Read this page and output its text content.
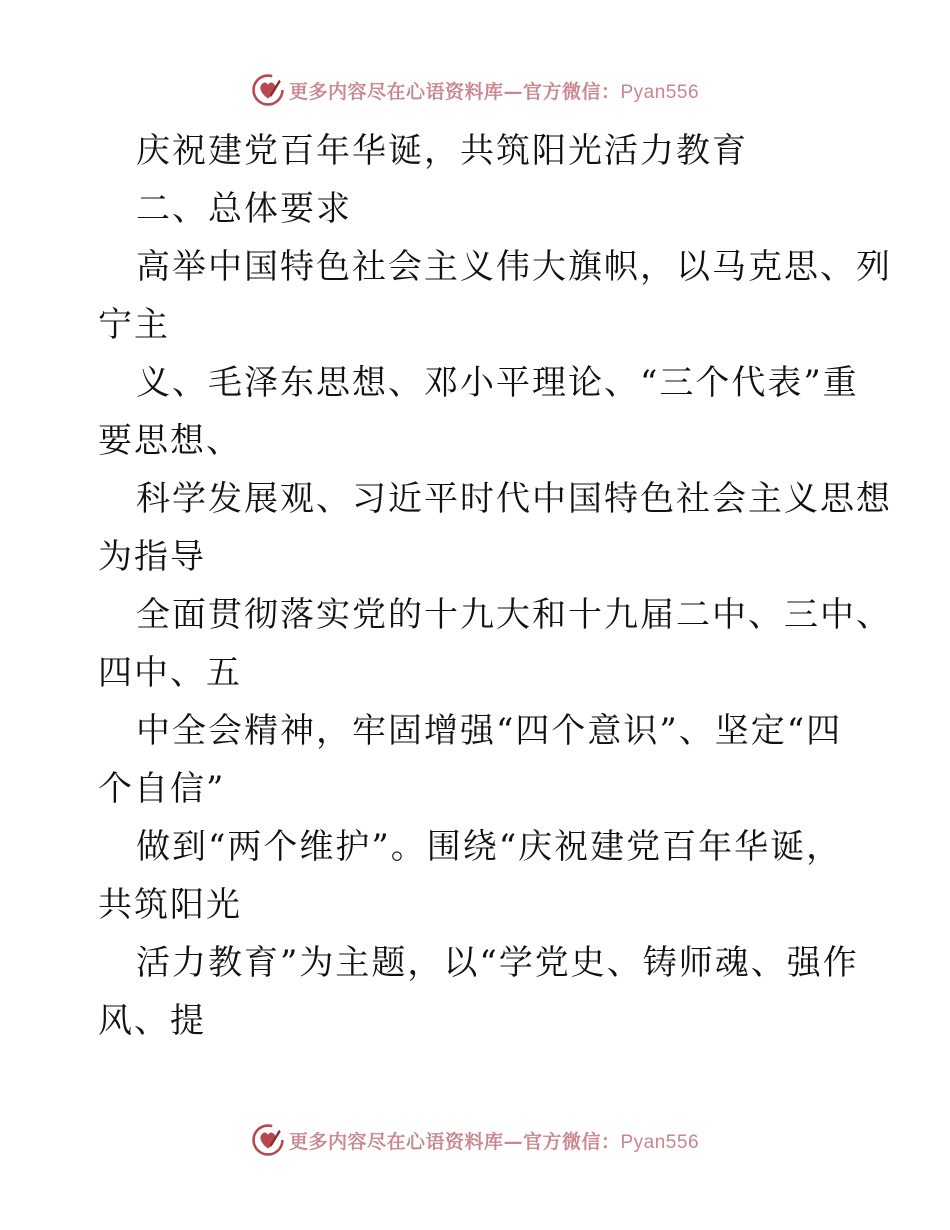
更多内容尽在心语资料库—官方微信：Pyan556
庆祝建党百年华诞，共筑阳光活力教育
二、总体要求
高举中国特色社会主义伟大旗帜，以马克思、列
宁主
义、毛泽东思想、邓小平理论、“三个代表”重
要思想、
科学发展观、习近平时代中国特色社会主义思想
为指导
全面贯彻落实党的十九大和十九届二中、三中、
四中、五
中全会精神，牢固增强“四个意识”、坚定“四
个自信”
做到“两个维护”。围绕“庆祝建党百年华诞，
共筑阳光
活力教育”为主题，以“学党史、铸师魂、强作
风、提
更多内容尽在心语资料库—官方微信：Pyan556
